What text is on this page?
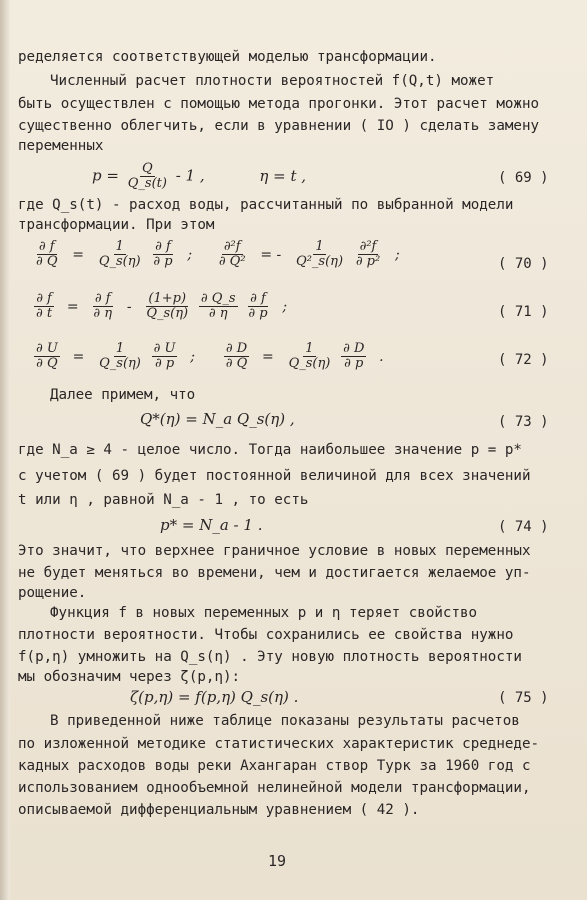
ределяется соответствующей моделью трансформации.
Численный расчет плотности вероятностей f(Q,t) может
быть осуществлен с помощью метода прогонки. Этот расчет можно
существенно облегчить, если в уравнении ( IO ) сделать замену
переменных
$p = \frac{Q}{Q\_s(t)} - 1$ ,	η = t ,	( 69 )
где Q_s(t) - расход воды, рассчитанный по выбранной модели
трансформации. При этом
$\frac{\partial f}{\partial Q} = \frac{1}{Q\_s(\eta)}$
$\frac{\partial f}{\partial p}$ ; $\frac{\text{∂²f}}{\text{∂ Q²}}$ = - $\frac{1}{\text{Q²\_s(η)}}$
$\frac{\text{∂²f}}{\text{∂ p²}}$ ;
( 70 )
$\frac{\partial f}{\partial t} = \frac{\partial f}{\partial \eta} - \frac{(1+p)}{Q\_s(\eta)}$
$\frac{\partial Q\_s}{\partial \eta}$
$\frac{\partial f}{\partial p}$ ;	( 71 )
$\frac{\partial U}{\partial Q} = \frac{1}{Q\_s(\eta)}$
$\frac{\partial U}{\partial p}$ ; $\frac{\partial D}{\partial Q} = \frac{1}{Q\_s(\eta)}$
$\frac{\partial D}{\partial p}$ .	( 72 )
Далее примем, что
Q*(η) = N_a Q_s(η) ,	( 73 )
где N_a ≥ 4 - целое число. Тогда наибольшее значение p = p*
с учетом ( 69 ) будет постоянной величиной для всех значений
t или η , равной N_a - 1 , то есть
p* = N_a - 1 .	( 74 )
Это значит, что верхнее граничное условие в новых переменных
не будет меняться во времени, чем и достигается желаемое уп-
рощение.
Функция f в новых переменных p и η теряет свойство
плотности вероятности. Чтобы сохранились ее свойства нужно
f(p,η) умножить на Q_s(η) . Эту новую плотность вероятности
мы обозначим через ζ(p,η):
ζ(p,η) = f(p,η) Q_s(η) .	( 75 )
В приведенной ниже таблице показаны результаты расчетов
по изложенной методике статистических характеристик среднеде-
кадных расходов воды реки Ахангаран створ Турк за 1960 год с
использованием однообъемной нелинейной модели трансформации,
описываемой дифференциальным уравнением ( 42 ).
19
